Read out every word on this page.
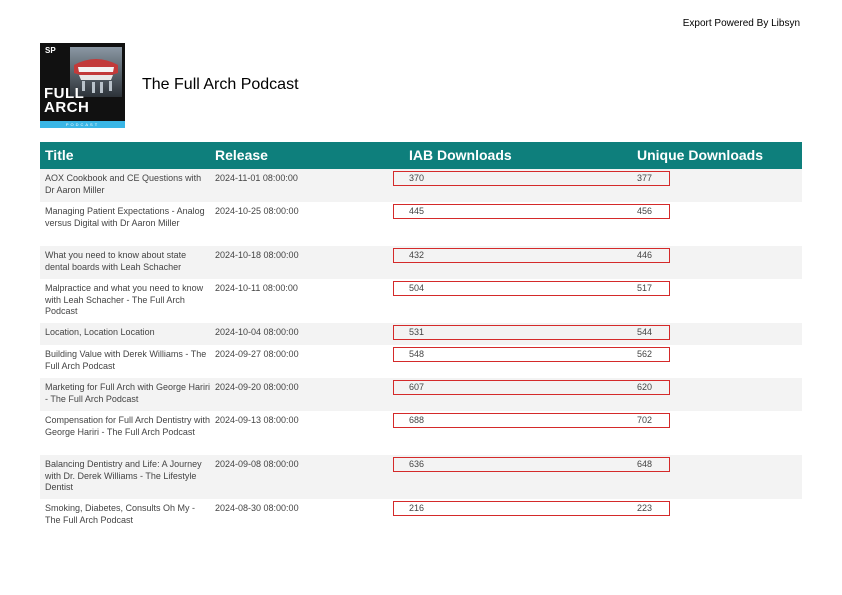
Export Powered By Libsyn
SP
FULL
ARCH
PODCAST
The Full Arch Podcast
Title	Release	IAB Downloads	Unique Downloads
AOX Cookbook and CE Questions with Dr Aaron Miller
2024-11-01 08:00:00	370	377
Managing Patient Expectations - Analog versus Digital with Dr Aaron Miller
2024-10-25 08:00:00	445	456
What you need to know about state dental boards with Leah Schacher
2024-10-18 08:00:00	432	446
Malpractice and what you need to know with Leah Schacher - The Full Arch Podcast
2024-10-11 08:00:00	504	517
Location, Location Location	2024-10-04 08:00:00	531	544
Building Value with Derek Williams - The Full Arch Podcast
2024-09-27 08:00:00	548	562
Marketing for Full Arch with George Hariri - The Full Arch Podcast
2024-09-20 08:00:00	607	620
Compensation for Full Arch Dentistry with George Hariri - The Full Arch Podcast
2024-09-13 08:00:00	688	702
Balancing Dentistry and Life: A Journey with Dr. Derek Williams - The Lifestyle Dentist
2024-09-08 08:00:00	636	648
Smoking, Diabetes, Consults Oh My - The Full Arch Podcast
2024-08-30 08:00:00	216	223
